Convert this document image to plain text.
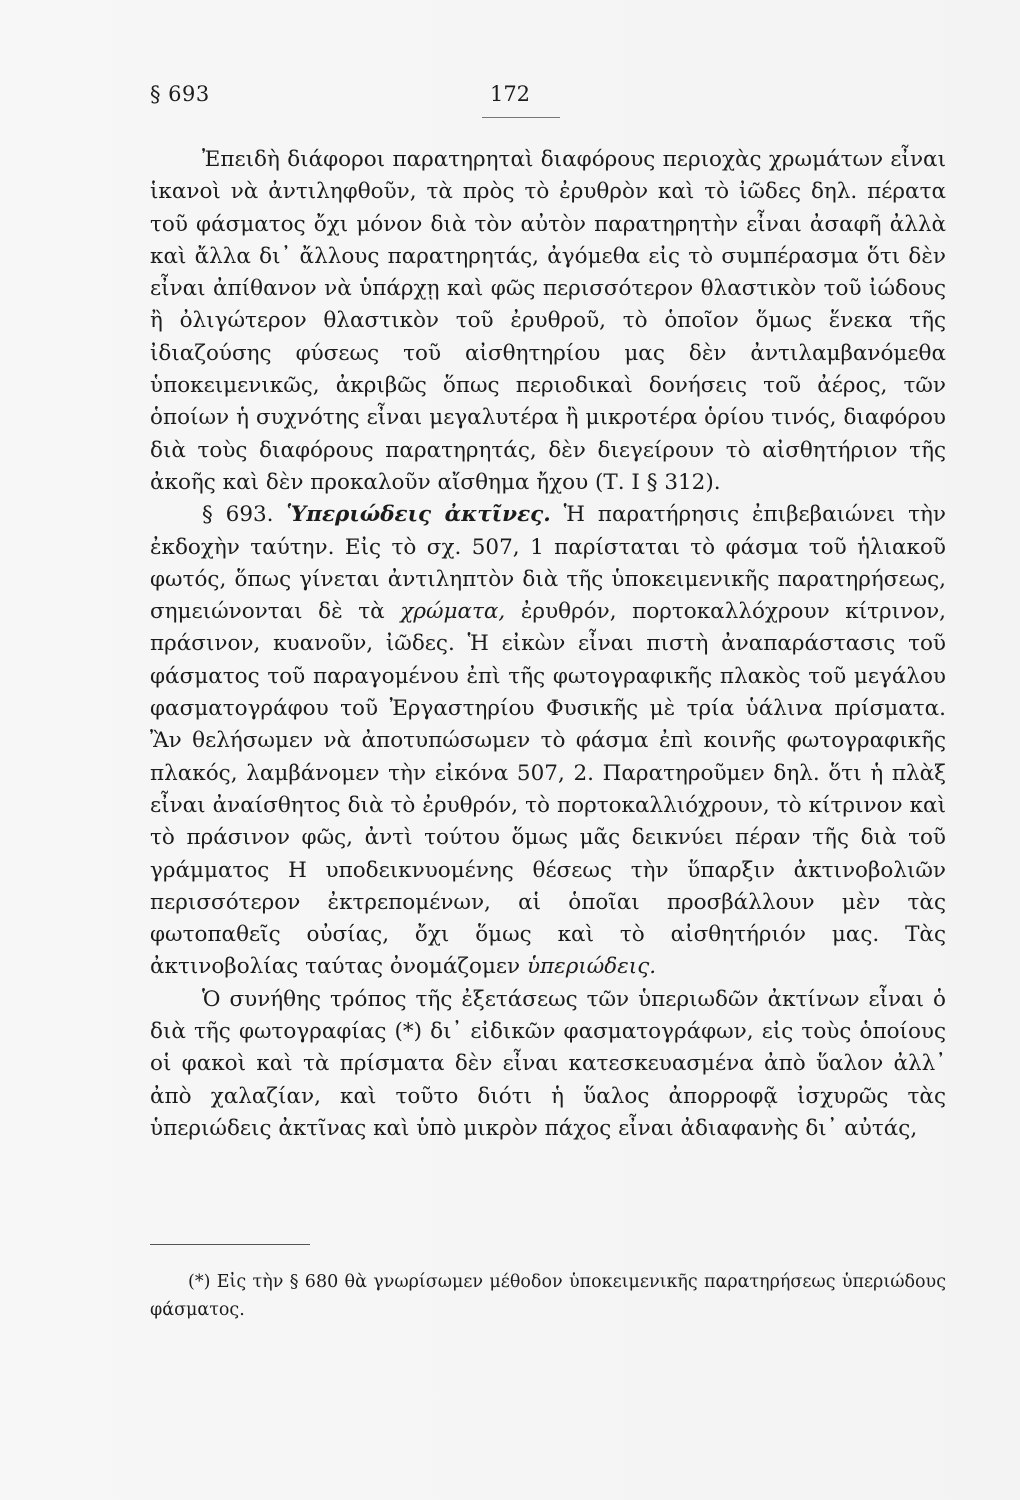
§ 693	172

Ἐπειδὴ διάφοροι παρατηρηταὶ διαφόρους περιοχὰς χρωμάτων εἶναι ἱκανοὶ νὰ ἀντιληφθοῦν, τὰ πρὸς τὸ ἐρυθρὸν καὶ τὸ ἰῶδες δηλ. πέρατα τοῦ φάσματος ὄχι μόνον διὰ τὸν αὐτὸν παρατηρητὴν εἶναι ἀσαφῆ ἀλλὰ καὶ ἄλλα δι᾽ ἄλλους παρατηρητάς, ἀγόμεθα εἰς τὸ συμπέρασμα ὅτι δὲν εἶναι ἀπίθανον νὰ ὑπάρχῃ καὶ φῶς περισσότερον θλαστικὸν τοῦ ἰώδους ἢ ὀλιγώτερον θλαστικὸν τοῦ ἐρυθροῦ, τὸ ὁποῖον ὅμως ἕνεκα τῆς ἰδιαζούσης φύσεως τοῦ αἰσθητηρίου μας δὲν ἀντιλαμβανόμεθα ὑποκειμενικῶς, ἀκριβῶς ὅπως περιοδικαὶ δονήσεις τοῦ ἀέρος, τῶν ὁποίων ἡ συχνότης εἶναι μεγαλυτέρα ἢ μικροτέρα ὁρίου τινός, διαφόρου διὰ τοὺς διαφόρους παρατηρητάς, δὲν διεγείρουν τὸ αἰσθητήριον τῆς ἀκοῆς καὶ δὲν προκαλοῦν αἴσθημα ἤχου (Τ. Ι § 312).

§ 693. Ὑπεριώδεις ἀκτῖνες. Ἡ παρατήρησις ἐπιβεβαιώνει τὴν ἐκδοχὴν ταύτην. Εἰς τὸ σχ. 507, 1 παρίσταται τὸ φάσμα τοῦ ἡλιακοῦ φωτός, ὅπως γίνεται ἀντιληπτὸν διὰ τῆς ὑποκειμενικῆς παρατηρήσεως, σημειώνονται δὲ τὰ χρώματα, ἐρυθρόν, πορτοκαλλόχρουν κίτρινον, πράσινον, κυανοῦν, ἰῶδες. Ἡ εἰκὼν εἶναι πιστὴ ἀναπαράστασις τοῦ φάσματος τοῦ παραγομένου ἐπὶ τῆς φωτογραφικῆς πλακὸς τοῦ μεγάλου φασματογράφου τοῦ Ἐργαστηρίου Φυσικῆς μὲ τρία ὑάλινα πρίσματα. Ἂν θελήσωμεν νὰ ἀποτυπώσωμεν τὸ φάσμα ἐπὶ κοινῆς φωτογραφικῆς πλακός, λαμβάνομεν τὴν εἰκόνα 507, 2. Παρατηροῦμεν δηλ. ὅτι ἡ πλὰξ εἶναι ἀναίσθητος διὰ τὸ ἐρυθρόν, τὸ πορτοκαλλιόχρουν, τὸ κίτρινον καὶ τὸ πράσινον φῶς, ἀντὶ τούτου ὅμως μᾶς δεικνύει πέραν τῆς διὰ τοῦ γράμματος Η υποδεικνυομένης θέσεως τὴν ὕπαρξιν ἀκτινοβολιῶν περισσότερον ἐκτρεπομένων, αἱ ὁποῖαι προσβάλλουν μὲν τὰς φωτοπαθεῖς οὐσίας, ὄχι ὅμως καὶ τὸ αἰσθητήριόν μας. Τὰς ἀκτινοβολίας ταύτας ὀνομάζομεν ὑπεριώδεις.

Ὁ συνήθης τρόπος τῆς ἐξετάσεως τῶν ὑπεριωδῶν ἀκτίνων εἶναι ὁ διὰ τῆς φωτογραφίας (*) δι᾽ εἰδικῶν φασματογράφων, εἰς τοὺς ὁποίους οἱ φακοὶ καὶ τὰ πρίσματα δὲν εἶναι κατεσκευασμένα ἀπὸ ὕαλον ἀλλ᾽ ἀπὸ χαλαζίαν, καὶ τοῦτο διότι ἡ ὕαλος ἀπορροφᾷ ἰσχυρῶς τὰς ὑπεριώδεις ἀκτῖνας καὶ ὑπὸ μικρὸν πάχος εἶναι ἀδιαφανὴς δι᾽ αὐτάς,

(*) Εἰς τὴν § 680 θὰ γνωρίσωμεν μέθοδον ὑποκειμενικῆς παρατηρήσεως ὑπεριώδους φάσματος.
